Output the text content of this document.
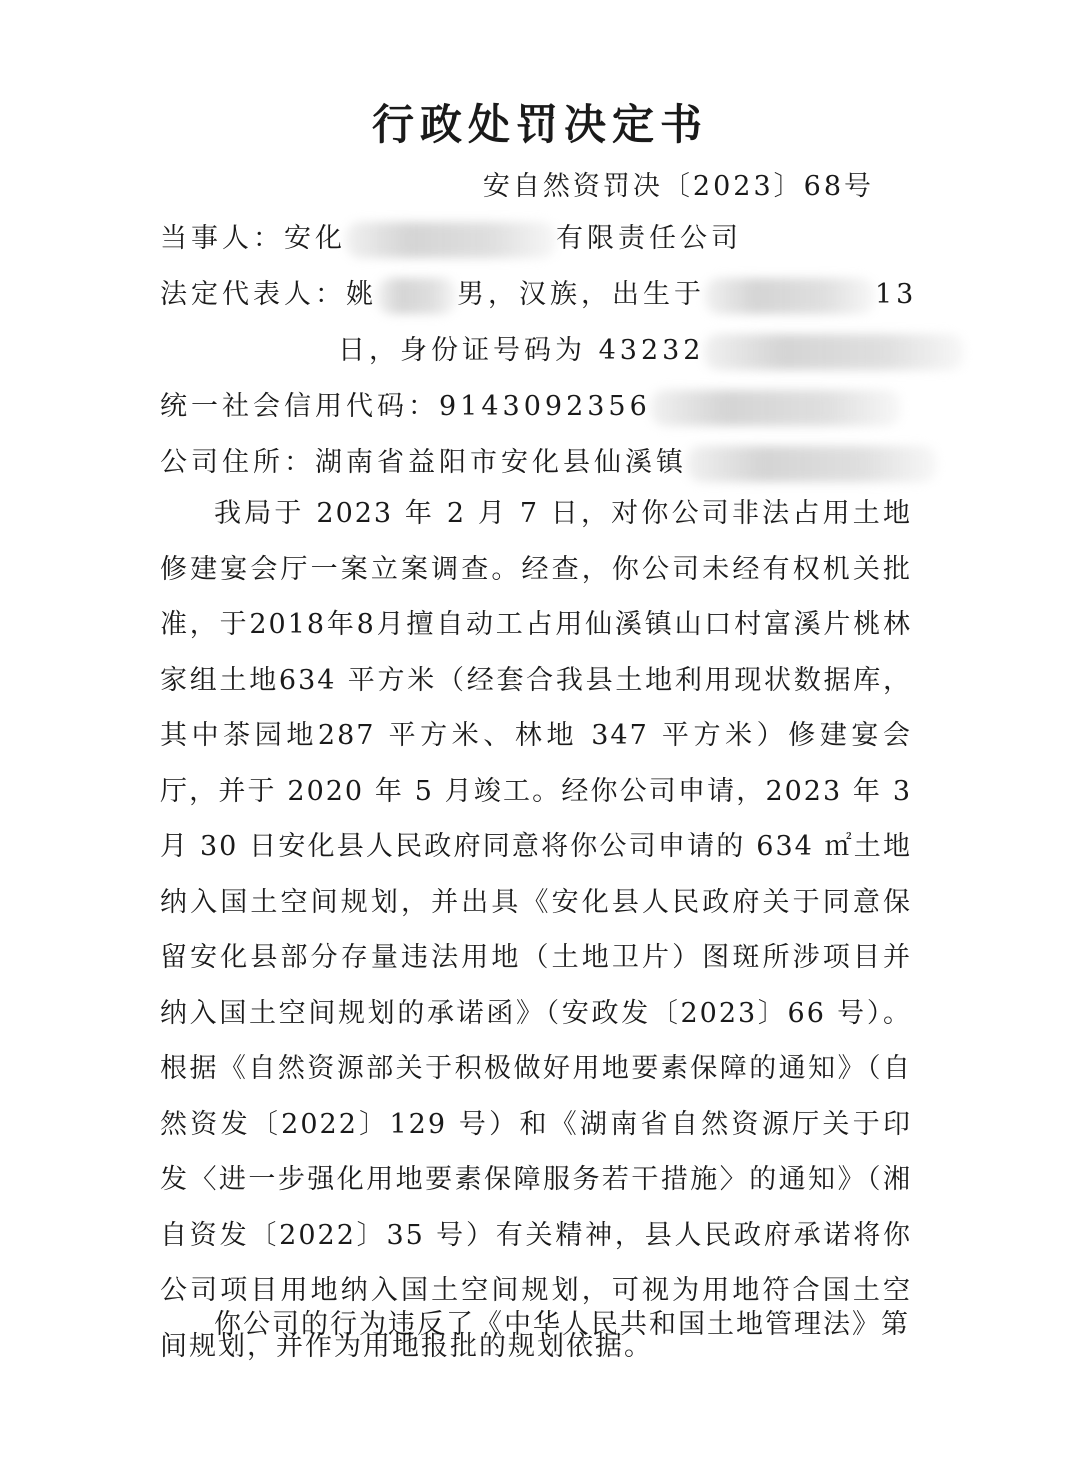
行政处罚决定书
安自然资罚决〔2023〕68号
当事人：安化	有限责任公司
法定代表人：姚	男，汉族，出生于	13
日，身份证号码为 43232
统一社会信用代码：9143092356
公司住所：湖南省益阳市安化县仙溪镇

我局于 2023 年 2 月 7 日，对你公司非法占用土地修建宴会厅一案立案调查。经查，你公司未经有权机关批准，于2018年8月擅自动工占用仙溪镇山口村富溪片桃林家组土地634 平方米（经套合我县土地利用现状数据库，其中茶园地287 平方米、林地 347 平方米）修建宴会厅，并于 2020 年 5 月竣工。经你公司申请，2023 年 3 月 30 日安化县人民政府同意将你公司申请的 634 ㎡土地纳入国土空间规划，并出具《安化县人民政府关于同意保留安化县部分存量违法用地（土地卫片）图斑所涉项目并纳入国土空间规划的承诺函》（安政发〔2023〕66 号）。根据《自然资源部关于积极做好用地要素保障的通知》（自然资发〔2022〕129 号）和《湖南省自然资源厅关于印发〈进一步强化用地要素保障服务若干措施〉的通知》（湘自资发〔2022〕35 号）有关精神，县人民政府承诺将你公司项目用地纳入国土空间规划，可视为用地符合国土空间规划，并作为用地报批的规划依据。

你公司的行为违反了《中华人民共和国土地管理法》第
